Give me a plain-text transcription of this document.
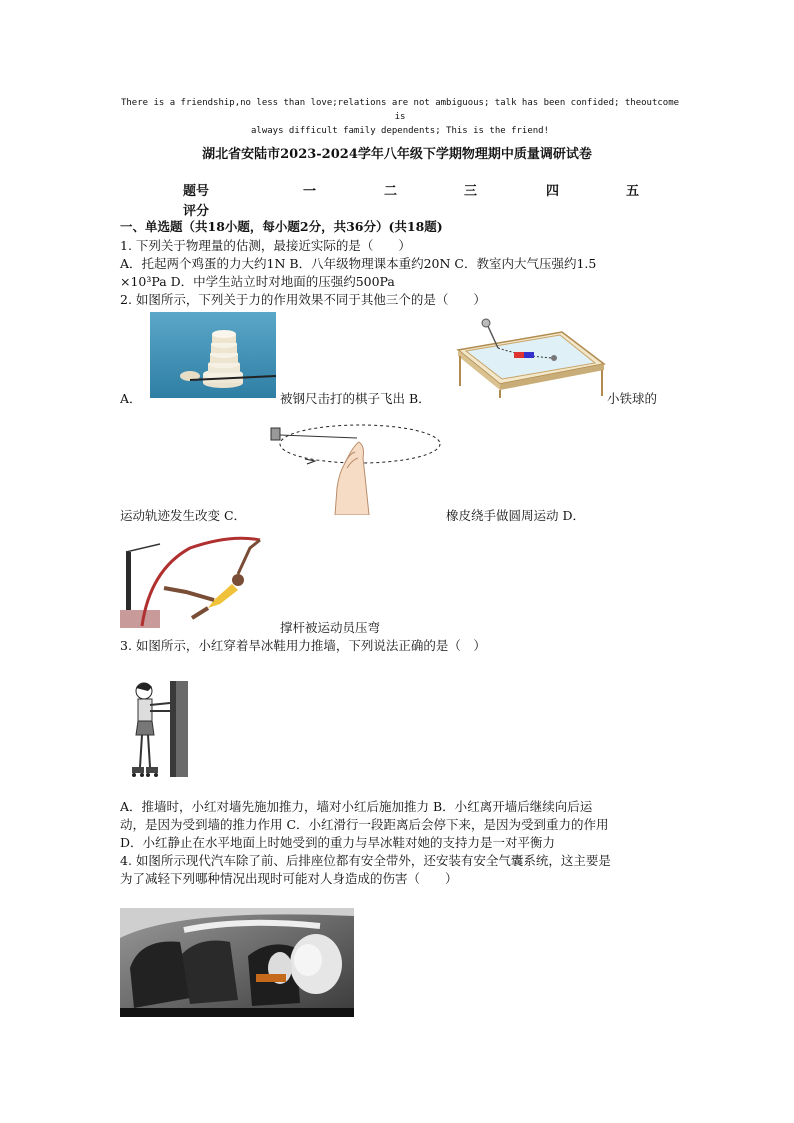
There is a friendship,no less than love;relations are not ambiguous; talk has been confided; theoutcome is
always difficult family dependents; This is the friend!
湖北省安陆市2023-2024学年八年级下学期物理期中质量调研试卷
题号	一	二	三	四	五
评分
一、单选题（共18小题，每小题2分，共36分）(共18题)
1. 下列关于物理量的估测，最接近实际的是（　　）
A．托起两个鸡蛋的力大约1N B．八年级物理课本重约20N C．教室内大气压强约1.5
×10³Pa D．中学生站立时对地面的压强约500Pa
2. 如图所示，下列关于力的作用效果不同于其他三个的是（　　）
A．	被钢尺击打的棋子飞出 B．	小铁球的
运动轨迹发生改变 C．	橡皮绕手做圆周运动 D．
撑杆被运动员压弯
3. 如图所示，小红穿着旱冰鞋用力推墙，下列说法正确的是（　）
A．推墙时，小红对墙先施加推力，墙对小红后施加推力 B．小红离开墙后继续向后运
动，是因为受到墙的推力作用 C．小红滑行一段距离后会停下来，是因为受到重力的作用
D．小红静止在水平地面上时她受到的重力与旱冰鞋对她的支持力是一对平衡力
4. 如图所示现代汽车除了前、后排座位都有安全带外，还安装有安全气囊系统，这主要是
为了减轻下列哪种情况出现时可能对人身造成的伤害（　　）
